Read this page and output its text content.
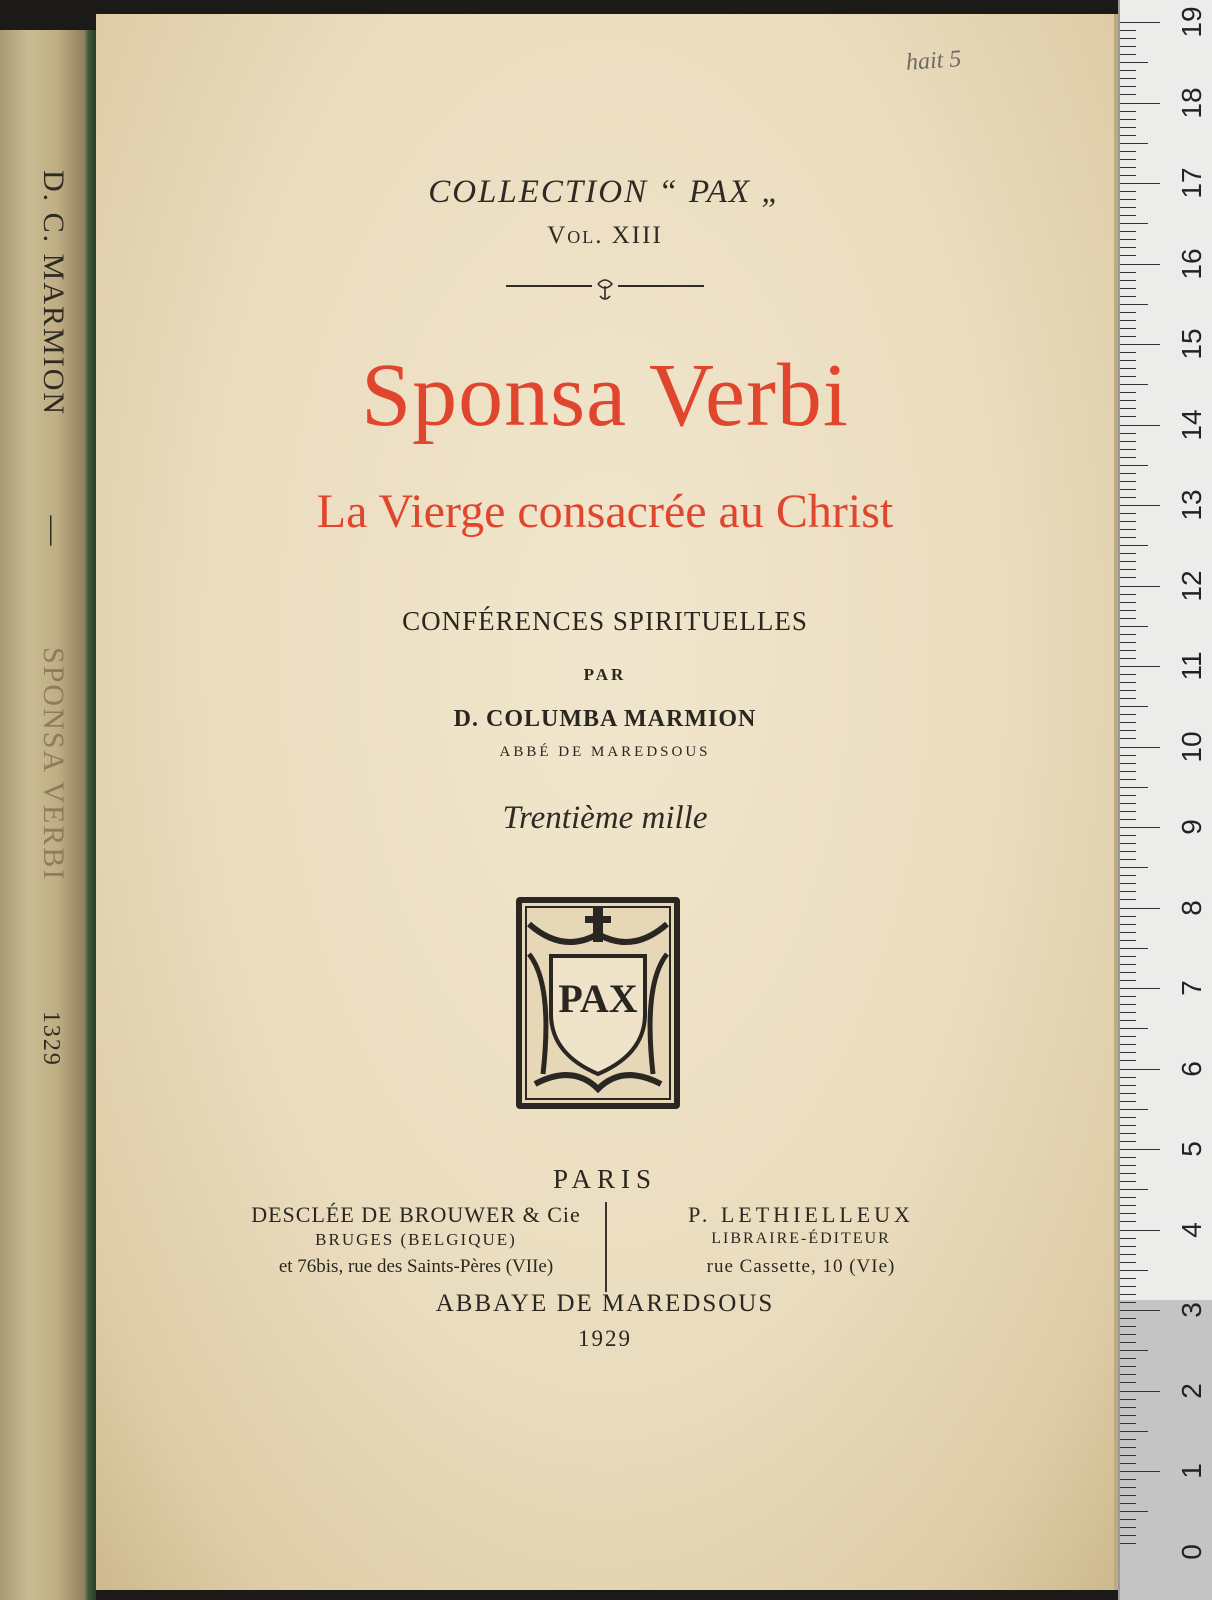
D. C. MARMION — SPONSA VERBI 1329
hait 5
COLLECTION “ PAX „
Vol. XIII
Sponsa Verbi
La Vierge consacrée au Christ
CONFÉRENCES SPIRITUELLES
PAR
D. COLUMBA MARMION
ABBÉ DE MAREDSOUS
Trentième mille
PAX
PARIS
DESCLÉE DE BROUWER & Cie
BRUGES (BELGIQUE)
et 76bis, rue des Saints-Pères (VIIe)
P. LETHIELLEUX
LIBRAIRE-ÉDITEUR
rue Cassette, 10 (VIe)
ABBAYE DE MAREDSOUS
1929
19
18
17
16
15
14
13
12
11
10
9
8
7
6
5
4
3
2
1
0
